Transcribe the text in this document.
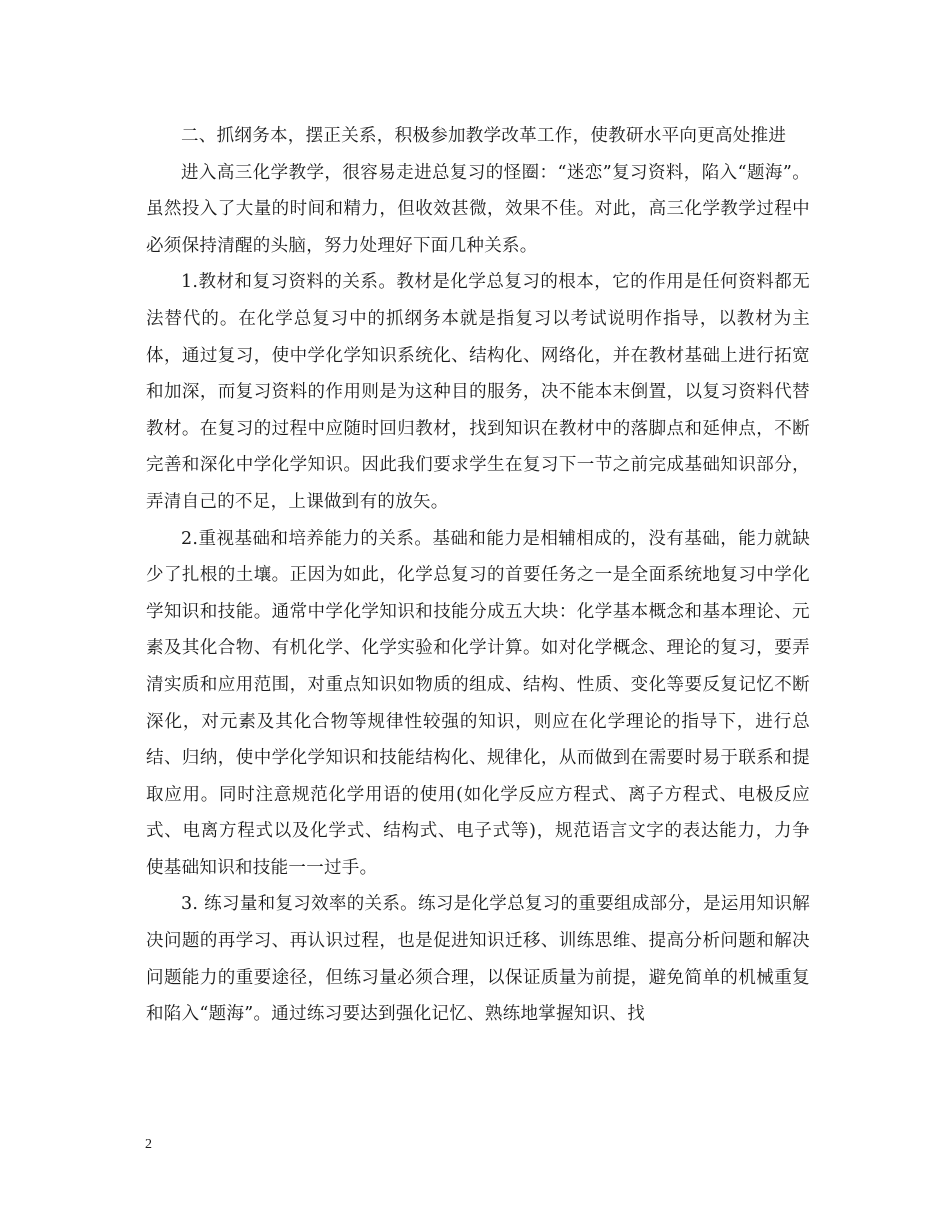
二、抓纲务本，摆正关系，积极参加教学改革工作，使教研水平向更高处推进

进入高三化学教学，很容易走进总复习的怪圈：“迷恋”复习资料，陷入“题海”。虽然投入了大量的时间和精力，但收效甚微，效果不佳。对此，高三化学教学过程中必须保持清醒的头脑，努力处理好下面几种关系。

1.教材和复习资料的关系。教材是化学总复习的根本，它的作用是任何资料都无法替代的。在化学总复习中的抓纲务本就是指复习以考试说明作指导，以教材为主体，通过复习，使中学化学知识系统化、结构化、网络化，并在教材基础上进行拓宽和加深，而复习资料的作用则是为这种目的服务，决不能本末倒置，以复习资料代替教材。在复习的过程中应随时回归教材，找到知识在教材中的落脚点和延伸点，不断完善和深化中学化学知识。因此我们要求学生在复习下一节之前完成基础知识部分，弄清自己的不足，上课做到有的放矢。

2.重视基础和培养能力的关系。基础和能力是相辅相成的，没有基础，能力就缺少了扎根的土壤。正因为如此，化学总复习的首要任务之一是全面系统地复习中学化学知识和技能。通常中学化学知识和技能分成五大块：化学基本概念和基本理论、元素及其化合物、有机化学、化学实验和化学计算。如对化学概念、理论的复习，要弄清实质和应用范围，对重点知识如物质的组成、结构、性质、变化等要反复记忆不断深化，对元素及其化合物等规律性较强的知识，则应在化学理论的指导下，进行总结、归纳，使中学化学知识和技能结构化、规律化，从而做到在需要时易于联系和提取应用。同时注意规范化学用语的使用(如化学反应方程式、离子方程式、电极反应式、电离方程式以及化学式、结构式、电子式等)，规范语言文字的表达能力，力争使基础知识和技能一一过手。

3. 练习量和复习效率的关系。练习是化学总复习的重要组成部分，是运用知识解决问题的再学习、再认识过程，也是促进知识迁移、训练思维、提高分析问题和解决问题能力的重要途径，但练习量必须合理，以保证质量为前提，避免简单的机械重复和陷入“题海”。通过练习要达到强化记忆、熟练地掌握知识、找

2
